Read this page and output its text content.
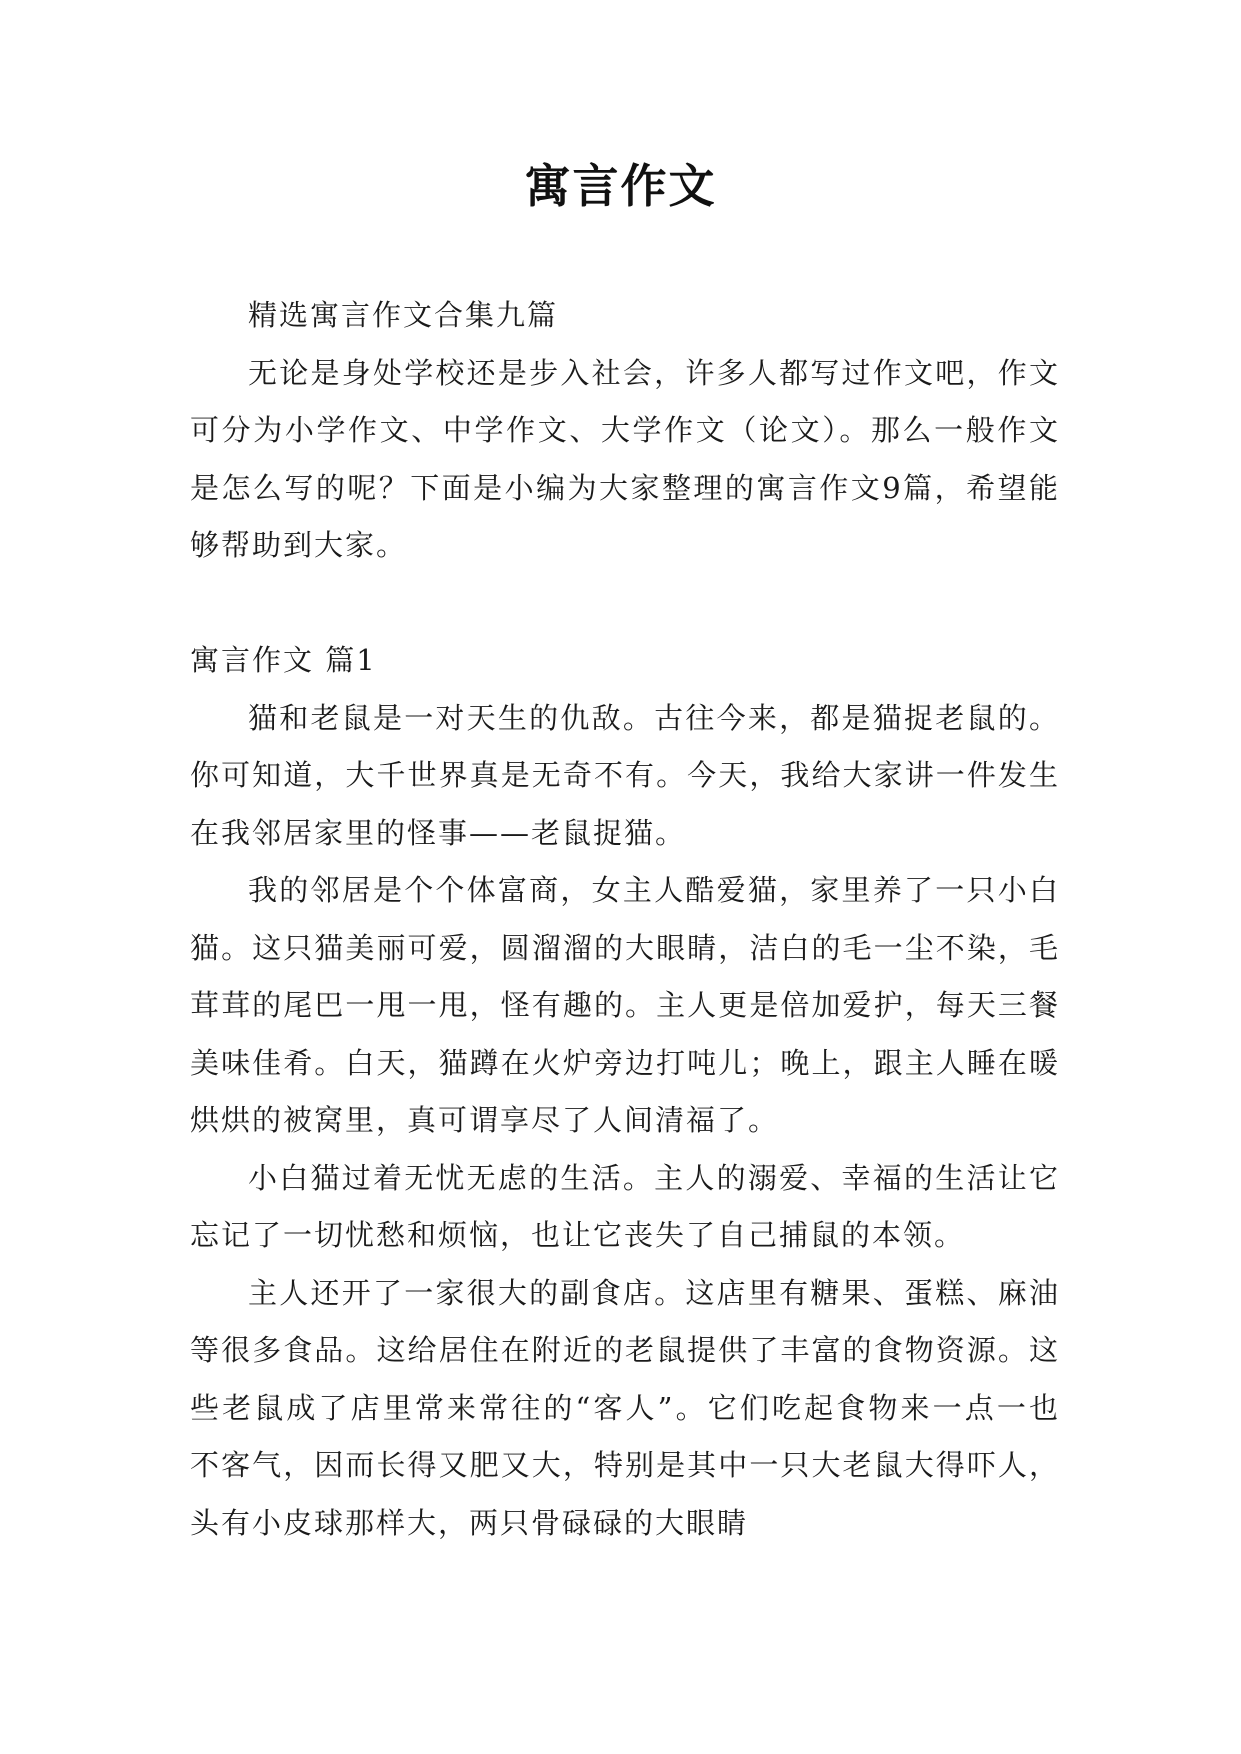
寓言作文

精选寓言作文合集九篇

无论是身处学校还是步入社会，许多人都写过作文吧，作文可分为小学作文、中学作文、大学作文（论文）。那么一般作文是怎么写的呢？下面是小编为大家整理的寓言作文9篇，希望能够帮助到大家。

寓言作文 篇1

猫和老鼠是一对天生的仇敌。古往今来，都是猫捉老鼠的。你可知道，大千世界真是无奇不有。今天，我给大家讲一件发生在我邻居家里的怪事——老鼠捉猫。

我的邻居是个个体富商，女主人酷爱猫，家里养了一只小白猫。这只猫美丽可爱，圆溜溜的大眼睛，洁白的毛一尘不染，毛茸茸的尾巴一甩一甩，怪有趣的。主人更是倍加爱护，每天三餐美味佳肴。白天，猫蹲在火炉旁边打吨儿；晚上，跟主人睡在暖烘烘的被窝里，真可谓享尽了人间清福了。

小白猫过着无忧无虑的生活。主人的溺爱、幸福的生活让它忘记了一切忧愁和烦恼，也让它丧失了自己捕鼠的本领。

主人还开了一家很大的副食店。这店里有糖果、蛋糕、麻油等很多食品。这给居住在附近的老鼠提供了丰富的食物资源。这些老鼠成了店里常来常往的“客人”。它们吃起食物来一点一也不客气，因而长得又肥又大，特别是其中一只大老鼠大得吓人，头有小皮球那样大，两只骨碌碌的大眼睛
